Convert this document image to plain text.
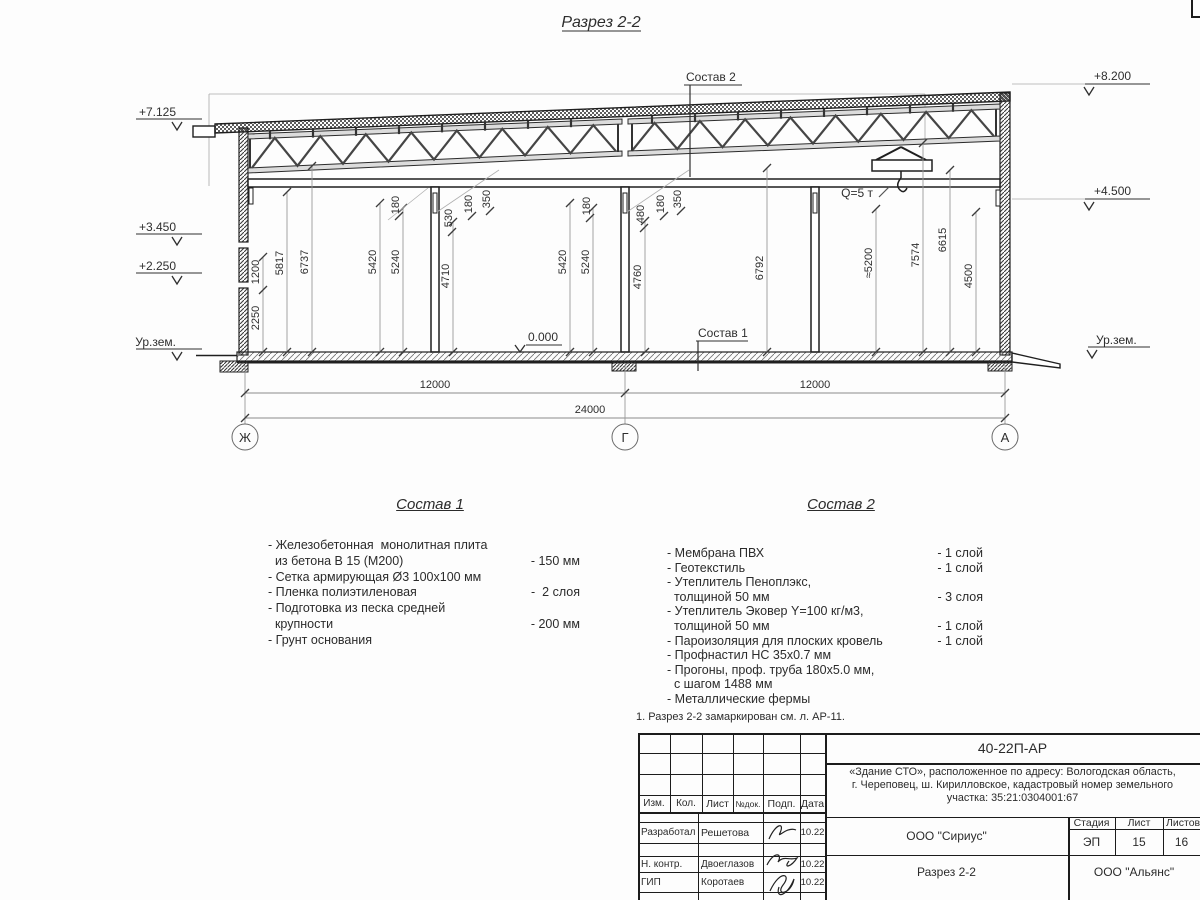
Разрез 2-2
Q=5 т
Состав 2
Состав 1
0.000
+7.125
+3.450
+2.250
Ур.зем.
+8.200
+4.500
Ур.зем.
1200
2250
5817 6737
180
5420 5240
530
180 350
4710
180
5420 5240
480
180 350
4760	6792	≈5200	7574
6615
4500
12000	12000
24000
Ж	Г	А
Состав 1	Состав 2
- Железобетонная  монолитная плита
из бетона В 15 (М200)	- 150 мм
- Сетка армирующая Ø3 100х100 мм
- Пленка полиэтиленовая	-  2 слоя
- Подготовка из песка средней
крупности	- 200 мм
- Грунт основания
- Мембрана ПВХ	- 1 слой
- Геотекстиль	- 1 слой
- Утеплитель Пеноплэкс,
толщиной 50 мм	- 3 слоя
- Утеплитель Эковер Y=100 кг/м3,
толщиной 50 мм	- 1 слой
- Пароизоляция для плоских кровель	- 1 слой
- Профнастил НС 35х0.7 мм
- Прогоны, проф. труба 180х5.0 мм,
с шагом 1488 мм
- Металлические фермы
1. Разрез 2-2 замаркирован см. л. АР-11.
Изм.	Кол. Лист №док. Подп. Дата
Разработал Решетова	10.22
Н. контр.	Двоеглазов	10.22
ГИП	Коротаев	10.22
40-22П-АР
«Здание СТО», расположенное по адресу: Вологодская область,
г. Череповец, ш. Кирилловское, кадастровый номер земельного
участка: 35:21:0304001:67
ООО "Сириус"
Разрез 2-2
Стадия	Лист	Листов
ЭП	15	16
ООО "Альянс"
